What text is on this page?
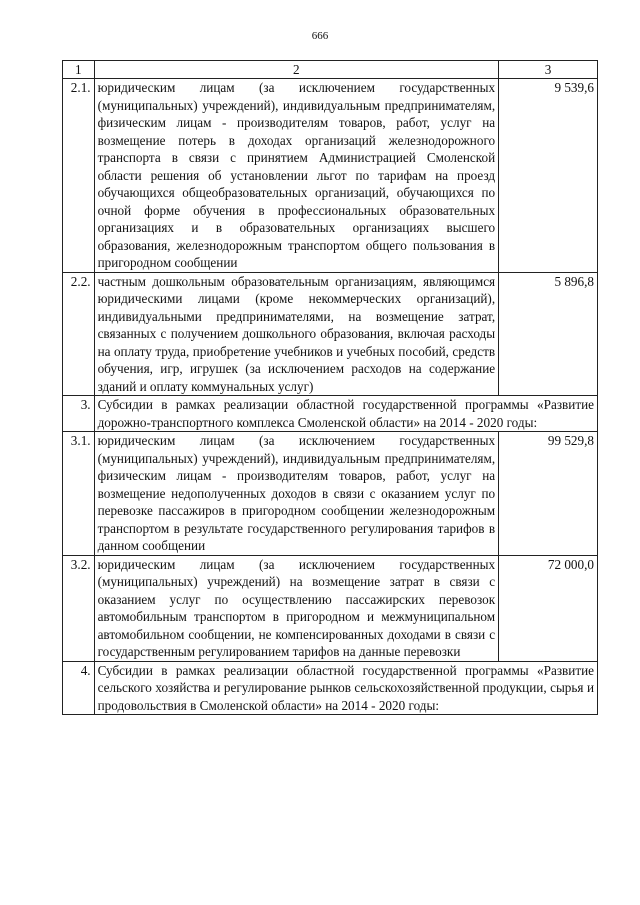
666
1	2	3
2.1.	юридическим лицам (за исключением государственных (муниципальных) учреждений), индивидуальным предпринимателям, физическим лицам - производителям товаров, работ, услуг на возмещение потерь в доходах организаций железнодорожного транспорта в связи с принятием Администрацией Смоленской области решения об установлении льгот по тарифам на проезд обучающихся общеобразовательных организаций, обучающихся по очной форме обучения в профессиональных образовательных организациях и в образовательных организациях высшего образования, железнодорожным транспортом общего пользования в пригородном сообщении	9 539,6
2.2.	частным дошкольным образовательным организациям, являющимся юридическими лицами (кроме некоммерческих организаций), индивидуальными предпринимателями, на возмещение затрат, связанных с получением дошкольного образования, включая расходы на оплату труда, приобретение учебников и учебных пособий, средств обучения, игр, игрушек (за исключением расходов на содержание зданий и оплату коммунальных услуг)	5 896,8
3.	Субсидии в рамках реализации областной государственной программы «Развитие дорожно-транспортного комплекса Смоленской области» на 2014 - 2020 годы:	
3.1.	юридическим лицам (за исключением государственных (муниципальных) учреждений), индивидуальным предпринимателям, физическим лицам - производителям товаров, работ, услуг на возмещение недополученных доходов в связи с оказанием услуг по перевозке пассажиров в пригородном сообщении железнодорожным транспортом в результате государственного регулирования тарифов в данном сообщении	99 529,8
3.2.	юридическим лицам (за исключением государственных (муниципальных) учреждений) на возмещение затрат в связи с оказанием услуг по осуществлению пассажирских перевозок автомобильным транспортом в пригородном и межмуниципальном автомобильном сообщении, не компенсированных доходами в связи с государственным регулированием тарифов на данные перевозки	72 000,0
4.	Субсидии в рамках реализации областной государственной программы «Развитие сельского хозяйства и регулирование рынков сельскохозяйственной продукции, сырья и продовольствия в Смоленской области» на 2014 - 2020 годы:	
